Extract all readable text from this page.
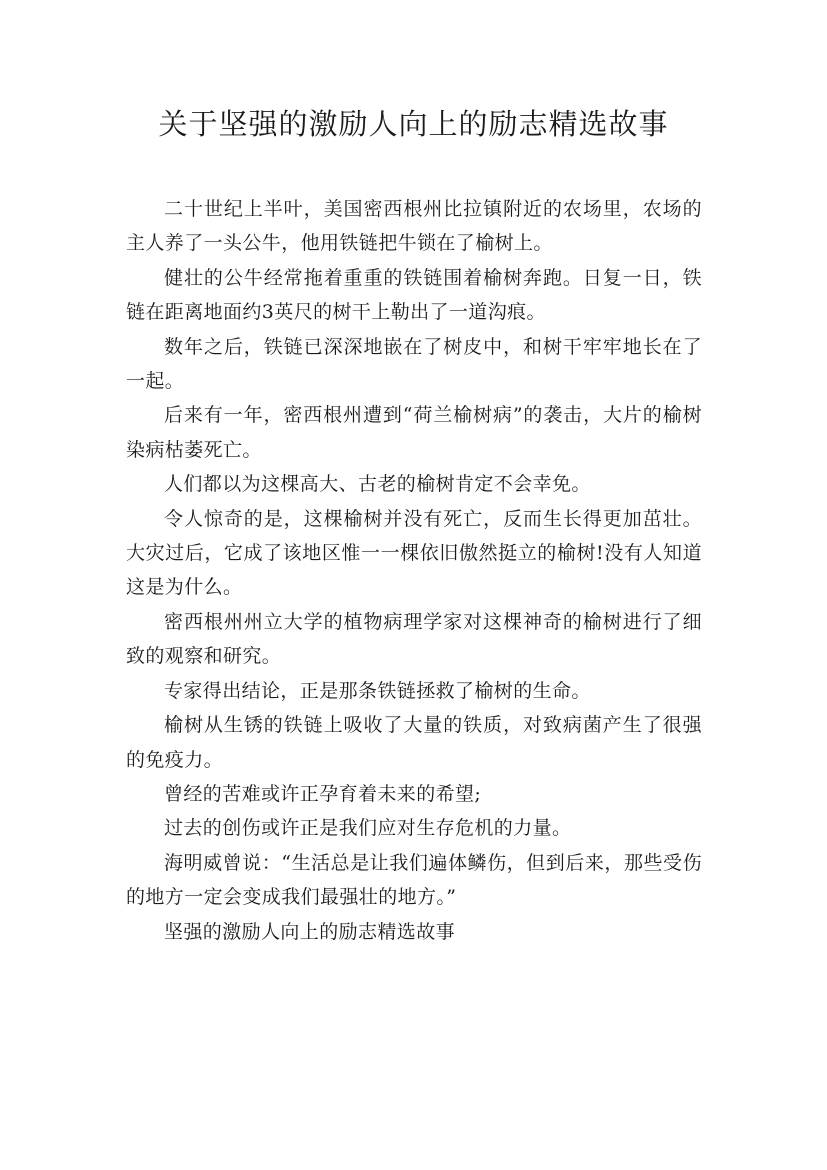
关于坚强的激励人向上的励志精选故事

二十世纪上半叶，美国密西根州比拉镇附近的农场里，农场的主人养了一头公牛，他用铁链把牛锁在了榆树上。

健壮的公牛经常拖着重重的铁链围着榆树奔跑。日复一日，铁链在距离地面约3英尺的树干上勒出了一道沟痕。

数年之后，铁链已深深地嵌在了树皮中，和树干牢牢地长在了一起。

后来有一年，密西根州遭到“荷兰榆树病”的袭击，大片的榆树染病枯萎死亡。

人们都以为这棵高大、古老的榆树肯定不会幸免。

令人惊奇的是，这棵榆树并没有死亡，反而生长得更加茁壮。大灾过后，它成了该地区惟一一棵依旧傲然挺立的榆树!没有人知道这是为什么。

密西根州州立大学的植物病理学家对这棵神奇的榆树进行了细致的观察和研究。

专家得出结论，正是那条铁链拯救了榆树的生命。

榆树从生锈的铁链上吸收了大量的铁质，对致病菌产生了很强的免疫力。

曾经的苦难或许正孕育着未来的希望;

过去的创伤或许正是我们应对生存危机的力量。

海明威曾说：“生活总是让我们遍体鳞伤，但到后来，那些受伤的地方一定会变成我们最强壮的地方。”

坚强的激励人向上的励志精选故事
